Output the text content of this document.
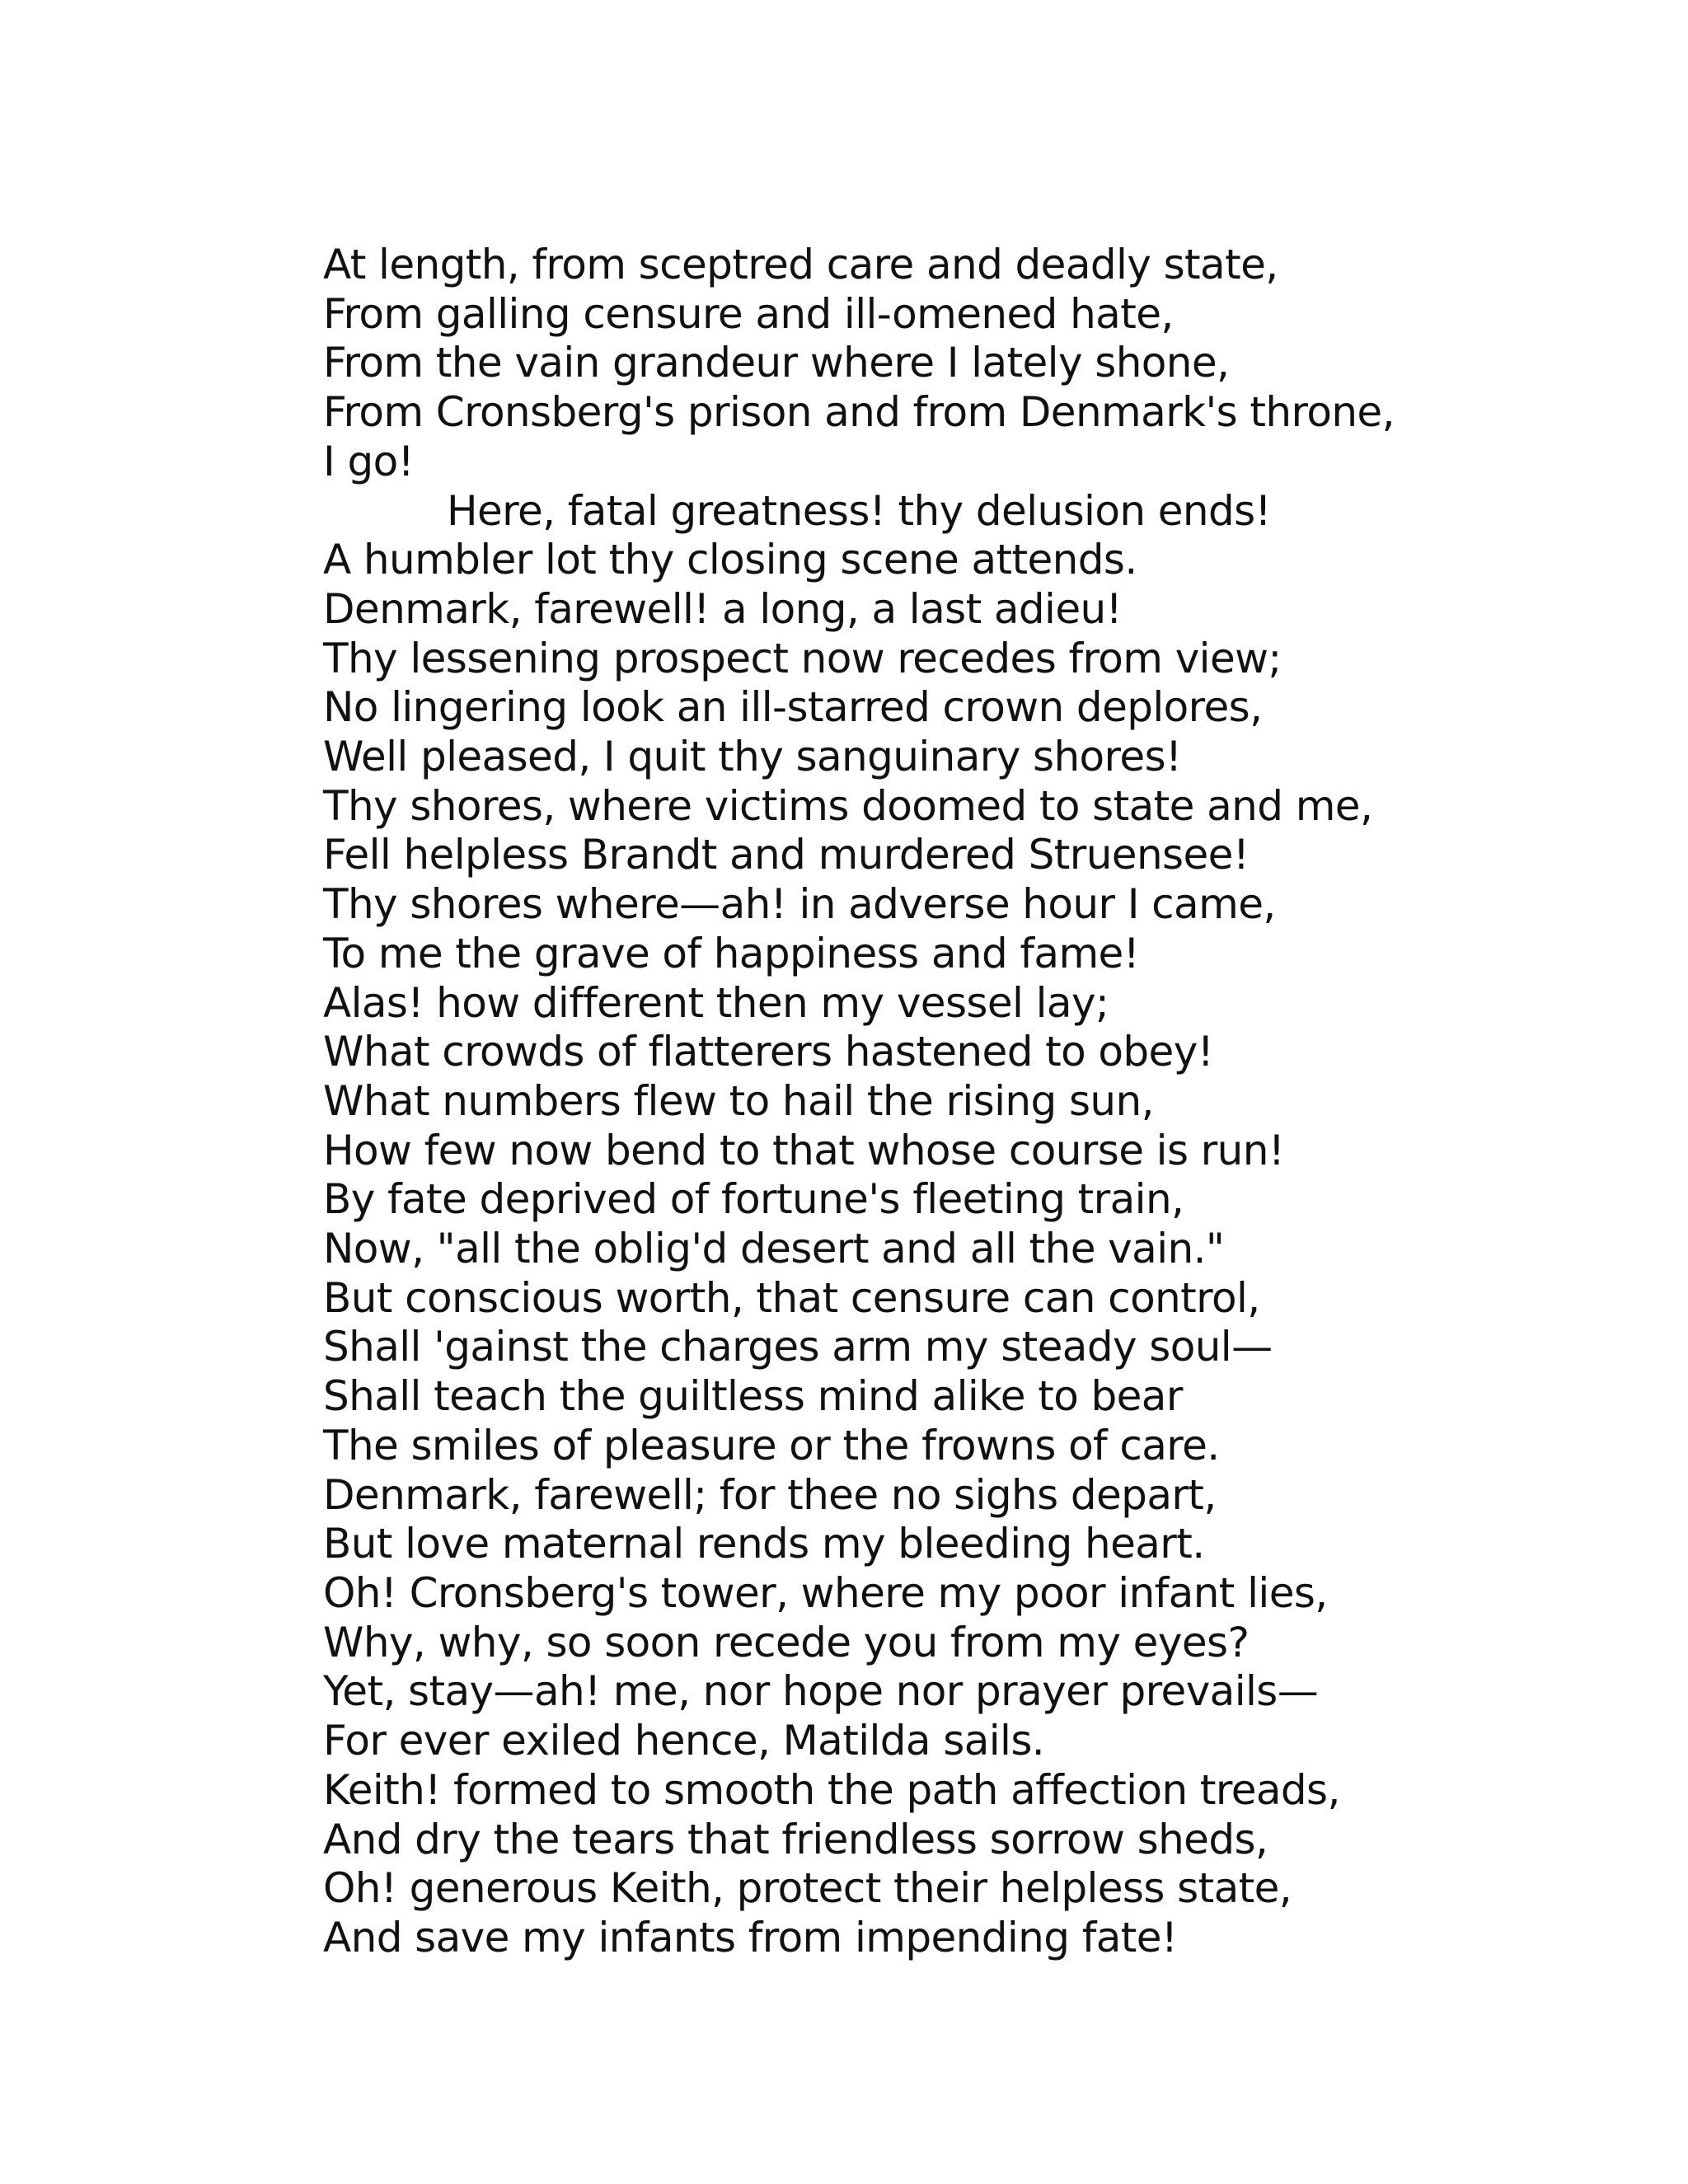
At length, from sceptred care and deadly state,
From galling censure and ill-omened hate,
From the vain grandeur where I lately shone,
From Cronsberg's prison and from Denmark's throne,
I go!
Here, fatal greatness! thy delusion ends!
A humbler lot thy closing scene attends.
Denmark, farewell! a long, a last adieu!
Thy lessening prospect now recedes from view;
No lingering look an ill-starred crown deplores,
Well pleased, I quit thy sanguinary shores!
Thy shores, where victims doomed to state and me,
Fell helpless Brandt and murdered Struensee!
Thy shores where—ah! in adverse hour I came,
To me the grave of happiness and fame!
Alas! how different then my vessel lay;
What crowds of flatterers hastened to obey!
What numbers flew to hail the rising sun,
How few now bend to that whose course is run!
By fate deprived of fortune's fleeting train,
Now, "all the oblig'd desert and all the vain."
But conscious worth, that censure can control,
Shall 'gainst the charges arm my steady soul—
Shall teach the guiltless mind alike to bear
The smiles of pleasure or the frowns of care.
Denmark, farewell; for thee no sighs depart,
But love maternal rends my bleeding heart.
Oh! Cronsberg's tower, where my poor infant lies,
Why, why, so soon recede you from my eyes?
Yet, stay—ah! me, nor hope nor prayer prevails—
For ever exiled hence, Matilda sails.
Keith! formed to smooth the path affection treads,
And dry the tears that friendless sorrow sheds,
Oh! generous Keith, protect their helpless state,
And save my infants from impending fate!
